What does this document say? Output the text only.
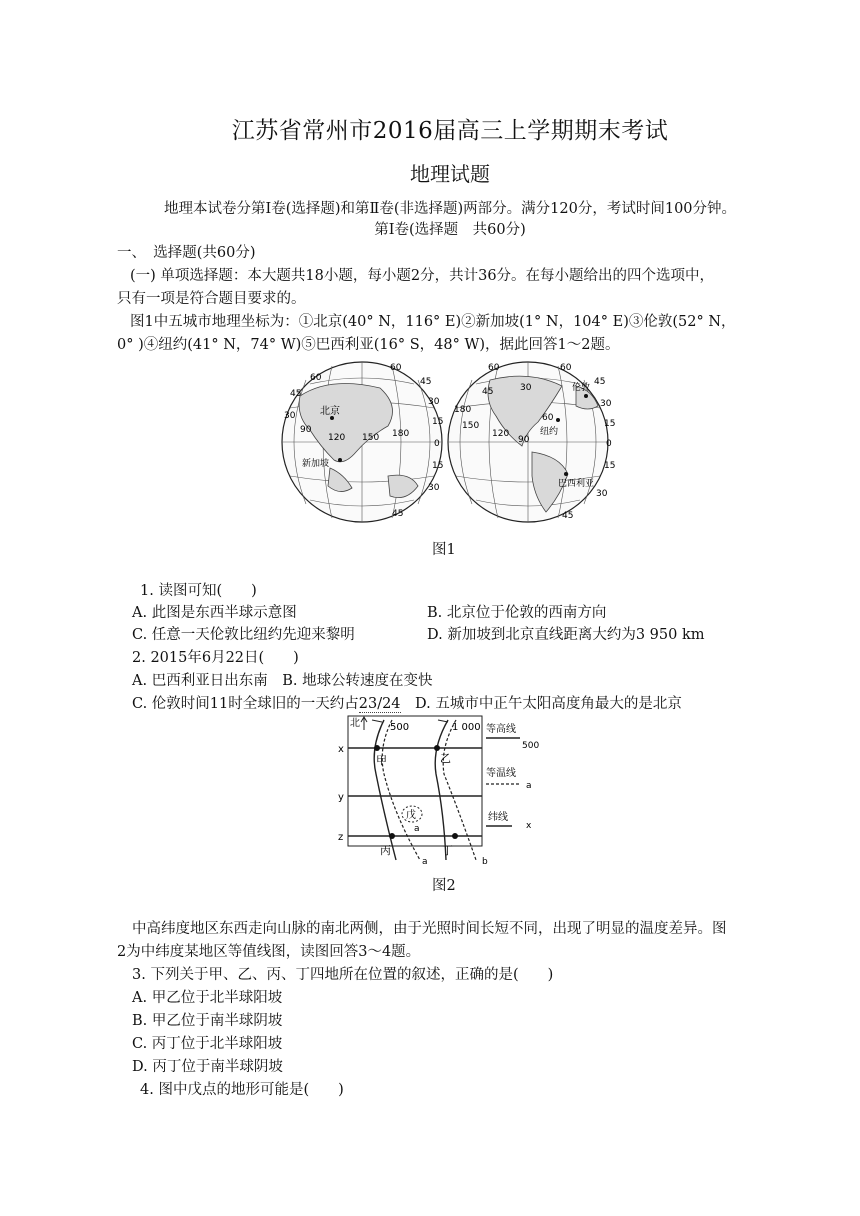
江苏省常州市2016届高三上学期期末考试
地理试题
地理本试卷分第Ⅰ卷(选择题)和第Ⅱ卷(非选择题)两部分。满分120分，考试时间100分钟。
第Ⅰ卷(选择题　共60分)
一、　选择题(共60分)
(一) 单项选择题：本大题共18小题，每小题2分，共计36分。在每小题给出的四个选项中，
只有一项是符合题目要求的。
图1中五城市地理坐标为：①北京(40° N，116° E)②新加坡(1° N，104° E)③伦敦(52° N，
0° )④纽约(41° N，74° W)⑤巴西利亚(16° S，48° W)，据此回答1～2题。
北京
新加坡
60
60	45
30
15
0
15
30
45
90
120 150 180
30
45
伦敦
纽约
巴西利亚
60
60
45
30
15
0
15
30
45
150
120
90
60
30
180
45
图1
1. 读图可知(　　)
A. 此图是东西半球示意图	B. 北京位于伦敦的西南方向
C. 任意一天伦敦比纽约先迎来黎明	D. 新加坡到北京直线距离大约为3 950 km
2. 2015年6月22日(　　)
A. 巴西利亚日出东南　B. 地球公转速度在变快
C. 伦敦时间11时全球旧的一天约占23/24　 D. 五城市中正午太阳高度角最大的是北京
x
y
z
北	500	1 000
甲	乙
丙	丁
戊
a
a	b
等高线
500
等温线
a
纬线
x
图2
中高纬度地区东西走向山脉的南北两侧，由于光照时间长短不同，出现了明显的温度差异。图
2为中纬度某地区等值线图，读图回答3～4题。
3. 下列关于甲、乙、丙、丁四地所在位置的叙述，正确的是(　　)
A. 甲乙位于北半球阳坡
B. 甲乙位于南半球阴坡
C. 丙丁位于北半球阳坡
D. 丙丁位于南半球阴坡
4. 图中戊点的地形可能是(　　)
